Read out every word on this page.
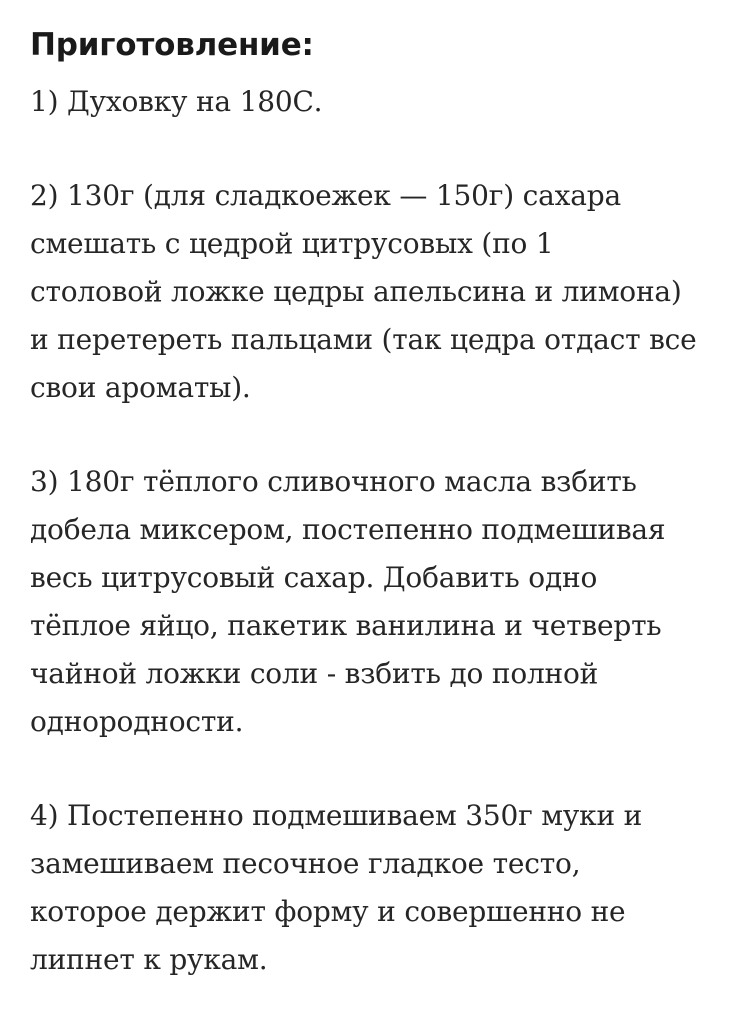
Приготовление:
1) Духовку на 180С.
2) 130г (для сладкоежек — 150г) сахара
смешать с цедрой цитрусовых (по 1
столовой ложке цедры апельсина и лимона)
и перетереть пальцами (так цедра отдаст все
свои ароматы).
3) 180г тёплого сливочного масла взбить
добела миксером, постепенно подмешивая
весь цитрусовый сахар. Добавить одно
тёплое яйцо, пакетик ванилина и четверть
чайной ложки соли - взбить до полной
однородности.
4) Постепенно подмешиваем 350г муки и
замешиваем песочное гладкое тесто,
которое держит форму и совершенно не
липнет к рукам.
